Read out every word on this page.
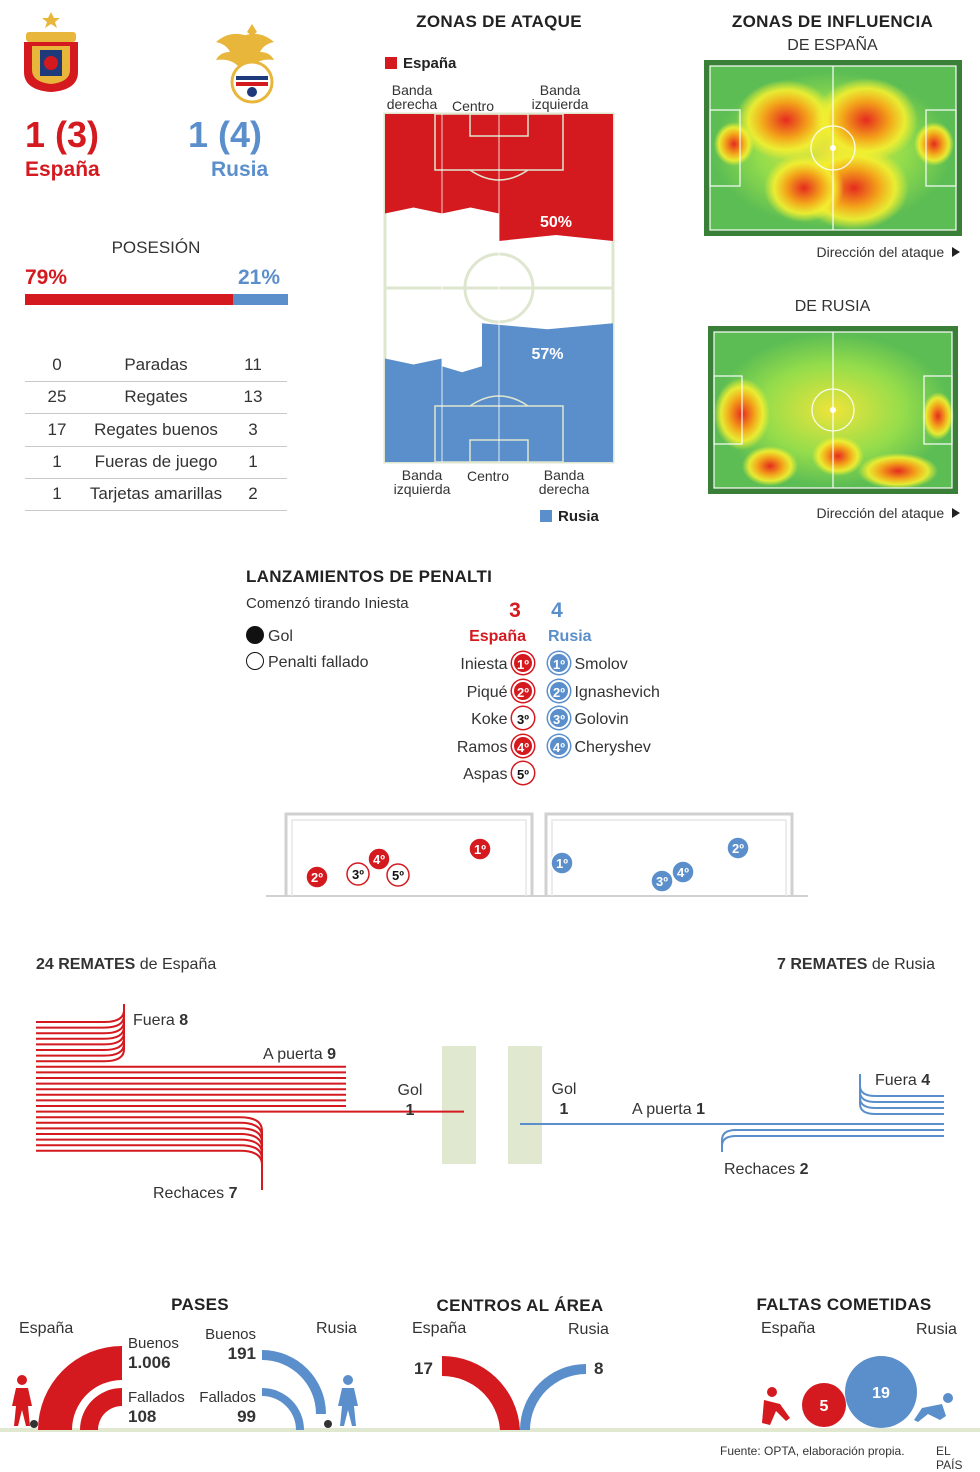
1 (3)
España
1 (4)
Rusia
POSESIÓN
79%	21%
0	Paradas	11
25	Regates	13
17	Regates buenos	3
1	Fueras de juego	1
1	Tarjetas amarillas	2
ZONAS DE ATAQUE
España
Rusia
Banda derecha	Centro
Banda izquierda
Banda izquierda
Centro	Banda derecha
25% 25%	50%
25% 18%	57%
ZONAS DE INFLUENCIA
DE ESPAÑA
Dirección del ataque
DE RUSIA
Dirección del ataque
LANZAMIENTOS DE PENALTI
Comenzó tirando Iniesta
Gol
Penalti fallado
3	4
España Rusia
Iniesta 1º
Piqué 2º
Koke 3º
Ramos 4º
Aspas 5º
1º Smolov
2º Ignashevich
3º Golovin
4º Cheryshev
1º
2º 3º
4º
5º
1º
2º
3º
4º
24 REMATES de España	7 REMATES de Rusia
Fuera 8
A puerta 9
Gol
1
Rechaces 7
Fuera 4
A puerta 1
Gol
1
Rechaces 2
PASES
España	Rusia
Buenos
1.006
Fallados
108
Buenos
191
Fallados
99
CENTROS AL ÁREA
España	Rusia
17	8
FALTAS COMETIDAS
España	Rusia
5
19
Fuente: OPTA, elaboración propia.	EL PAÍS
